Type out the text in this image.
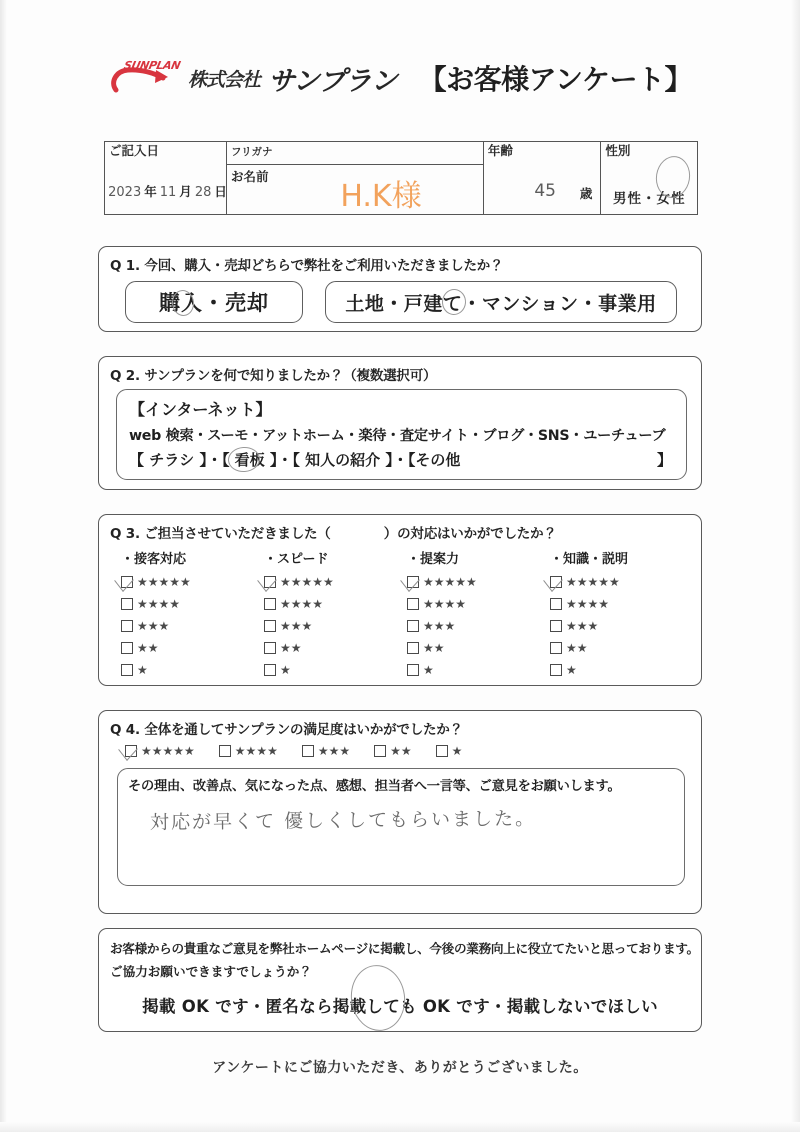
SUNPLAN
株式会社 サンプラン 【お客様アンケート】
ご記入日
2023 年 11 月 28 日
フリガナ
お名前
H.K様
年齢
45 歳
性別
男性・女性
Q 1. 今回、購入・売却どちらで弊社をご利用いただきましたか？
購入・売却	土地・戸建て・マンション・事業用
Q 2. サンプランを何で知りましたか？（複数選択可）
【インターネット】
web 検索・スーモ・アットホーム・楽待・査定サイト・ブログ・SNS・ユーチューブ
【 チラシ 】・【 看板 】・【 知人の紹介 】・【その他	】
Q 3. ご担当させていただきました（　　　　）の対応はいかがでしたか？
・接客対応
★★★★★
★★★★
★★★
★★
★
・スピード
★★★★★
★★★★
★★★
★★
★
・提案力
★★★★★
★★★★
★★★
★★
★
・知識・説明
★★★★★
★★★★
★★★
★★
★
Q 4. 全体を通してサンプランの満足度はいかがでしたか？
★★★★★	★★★★	★★★	★★	★
その理由、改善点、気になった点、感想、担当者へ一言等、ご意見をお願いします。
対応が早くて 優しくしてもらいました。
お客様からの貴重なご意見を弊社ホームページに掲載し、今後の業務向上に役立てたいと思っております。
ご協力お願いできますでしょうか？
掲載 OK です・匿名なら掲載しても OK です・掲載しないでほしい
アンケートにご協力いただき、ありがとうございました。
